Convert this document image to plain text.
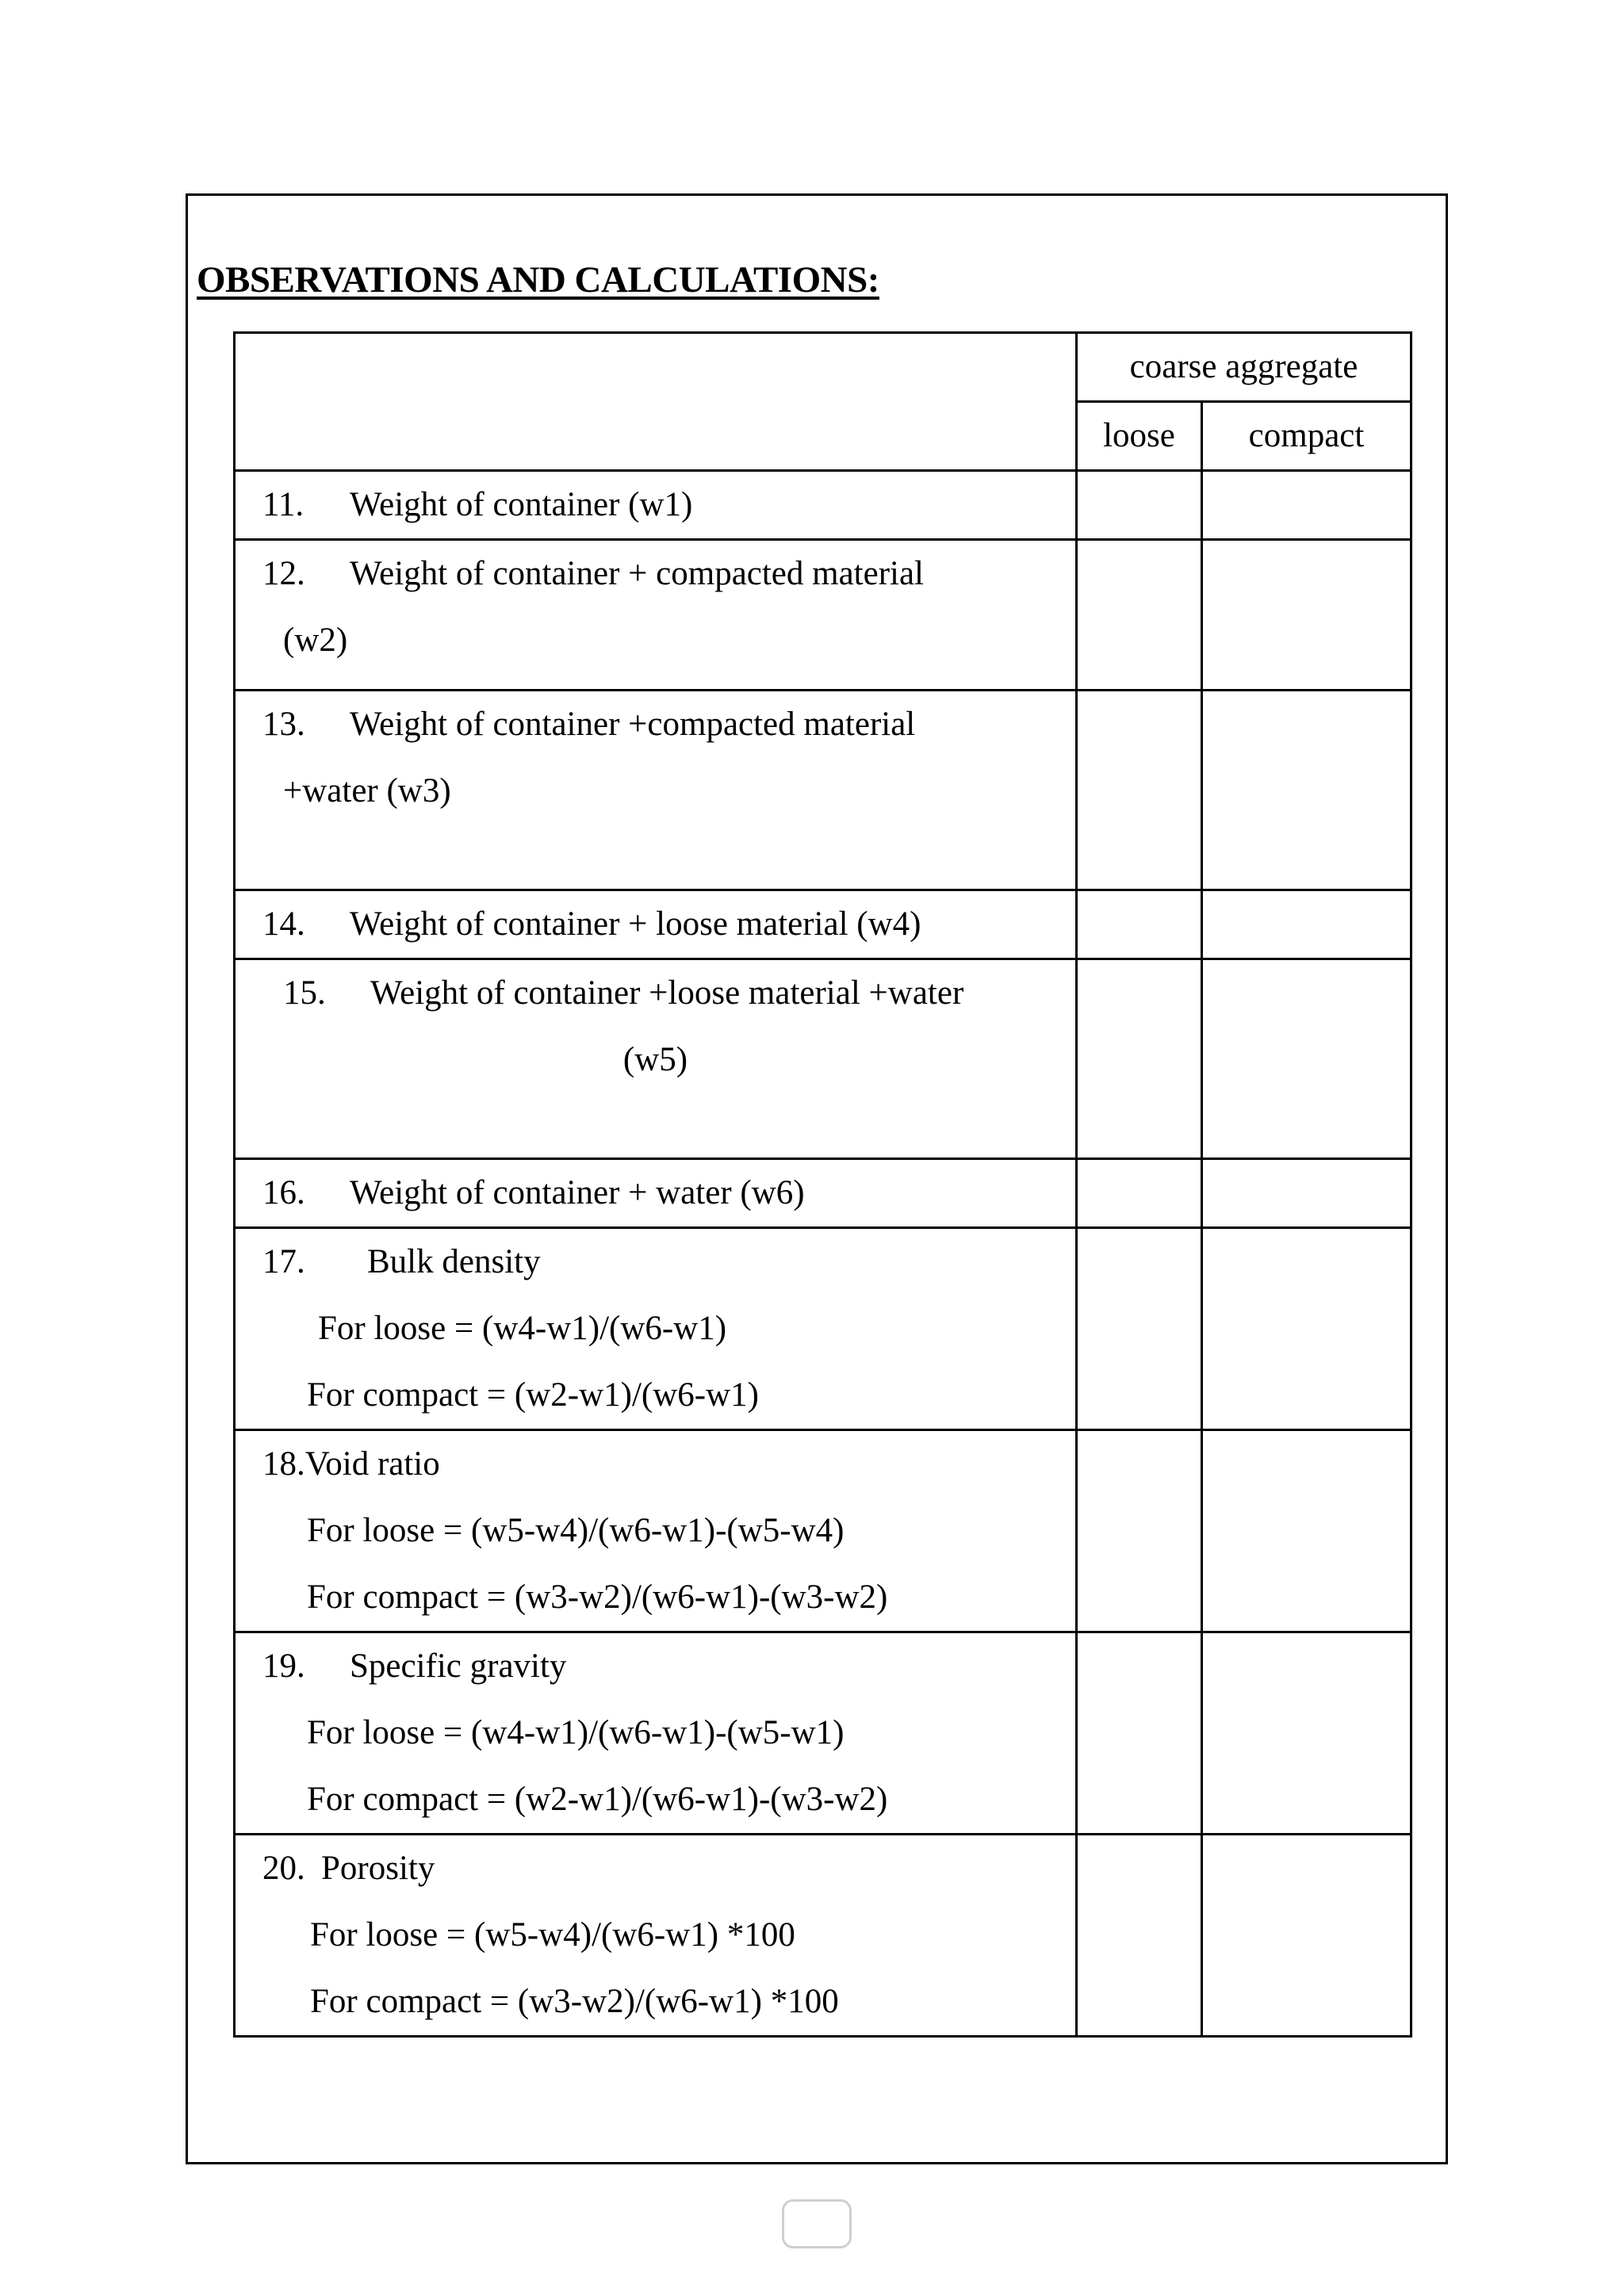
OBSERVATIONS AND CALCULATIONS:
	coarse aggregate	
	loose	compact

11. Weight of container (w1)		

12. Weight of container + compacted material
(w2)		

13. Weight of container +compacted material
+water (w3)		

14. Weight of container + loose material (w4)		

15. Weight of container +loose material +water
(w5)		

16. Weight of container + water (w6)		

17. Bulk density
For loose = (w4-w1)/(w6-w1)
For compact = (w2-w1)/(w6-w1)		

18.Void ratio
For loose = (w5-w4)/(w6-w1)-(w5-w4)
For compact = (w3-w2)/(w6-w1)-(w3-w2)		

19. Specific gravity
For loose = (w4-w1)/(w6-w1)-(w5-w1)
For compact = (w2-w1)/(w6-w1)-(w3-w2)		

20. Porosity
For loose = (w5-w4)/(w6-w1) *100
For compact = (w3-w2)/(w6-w1) *100		
